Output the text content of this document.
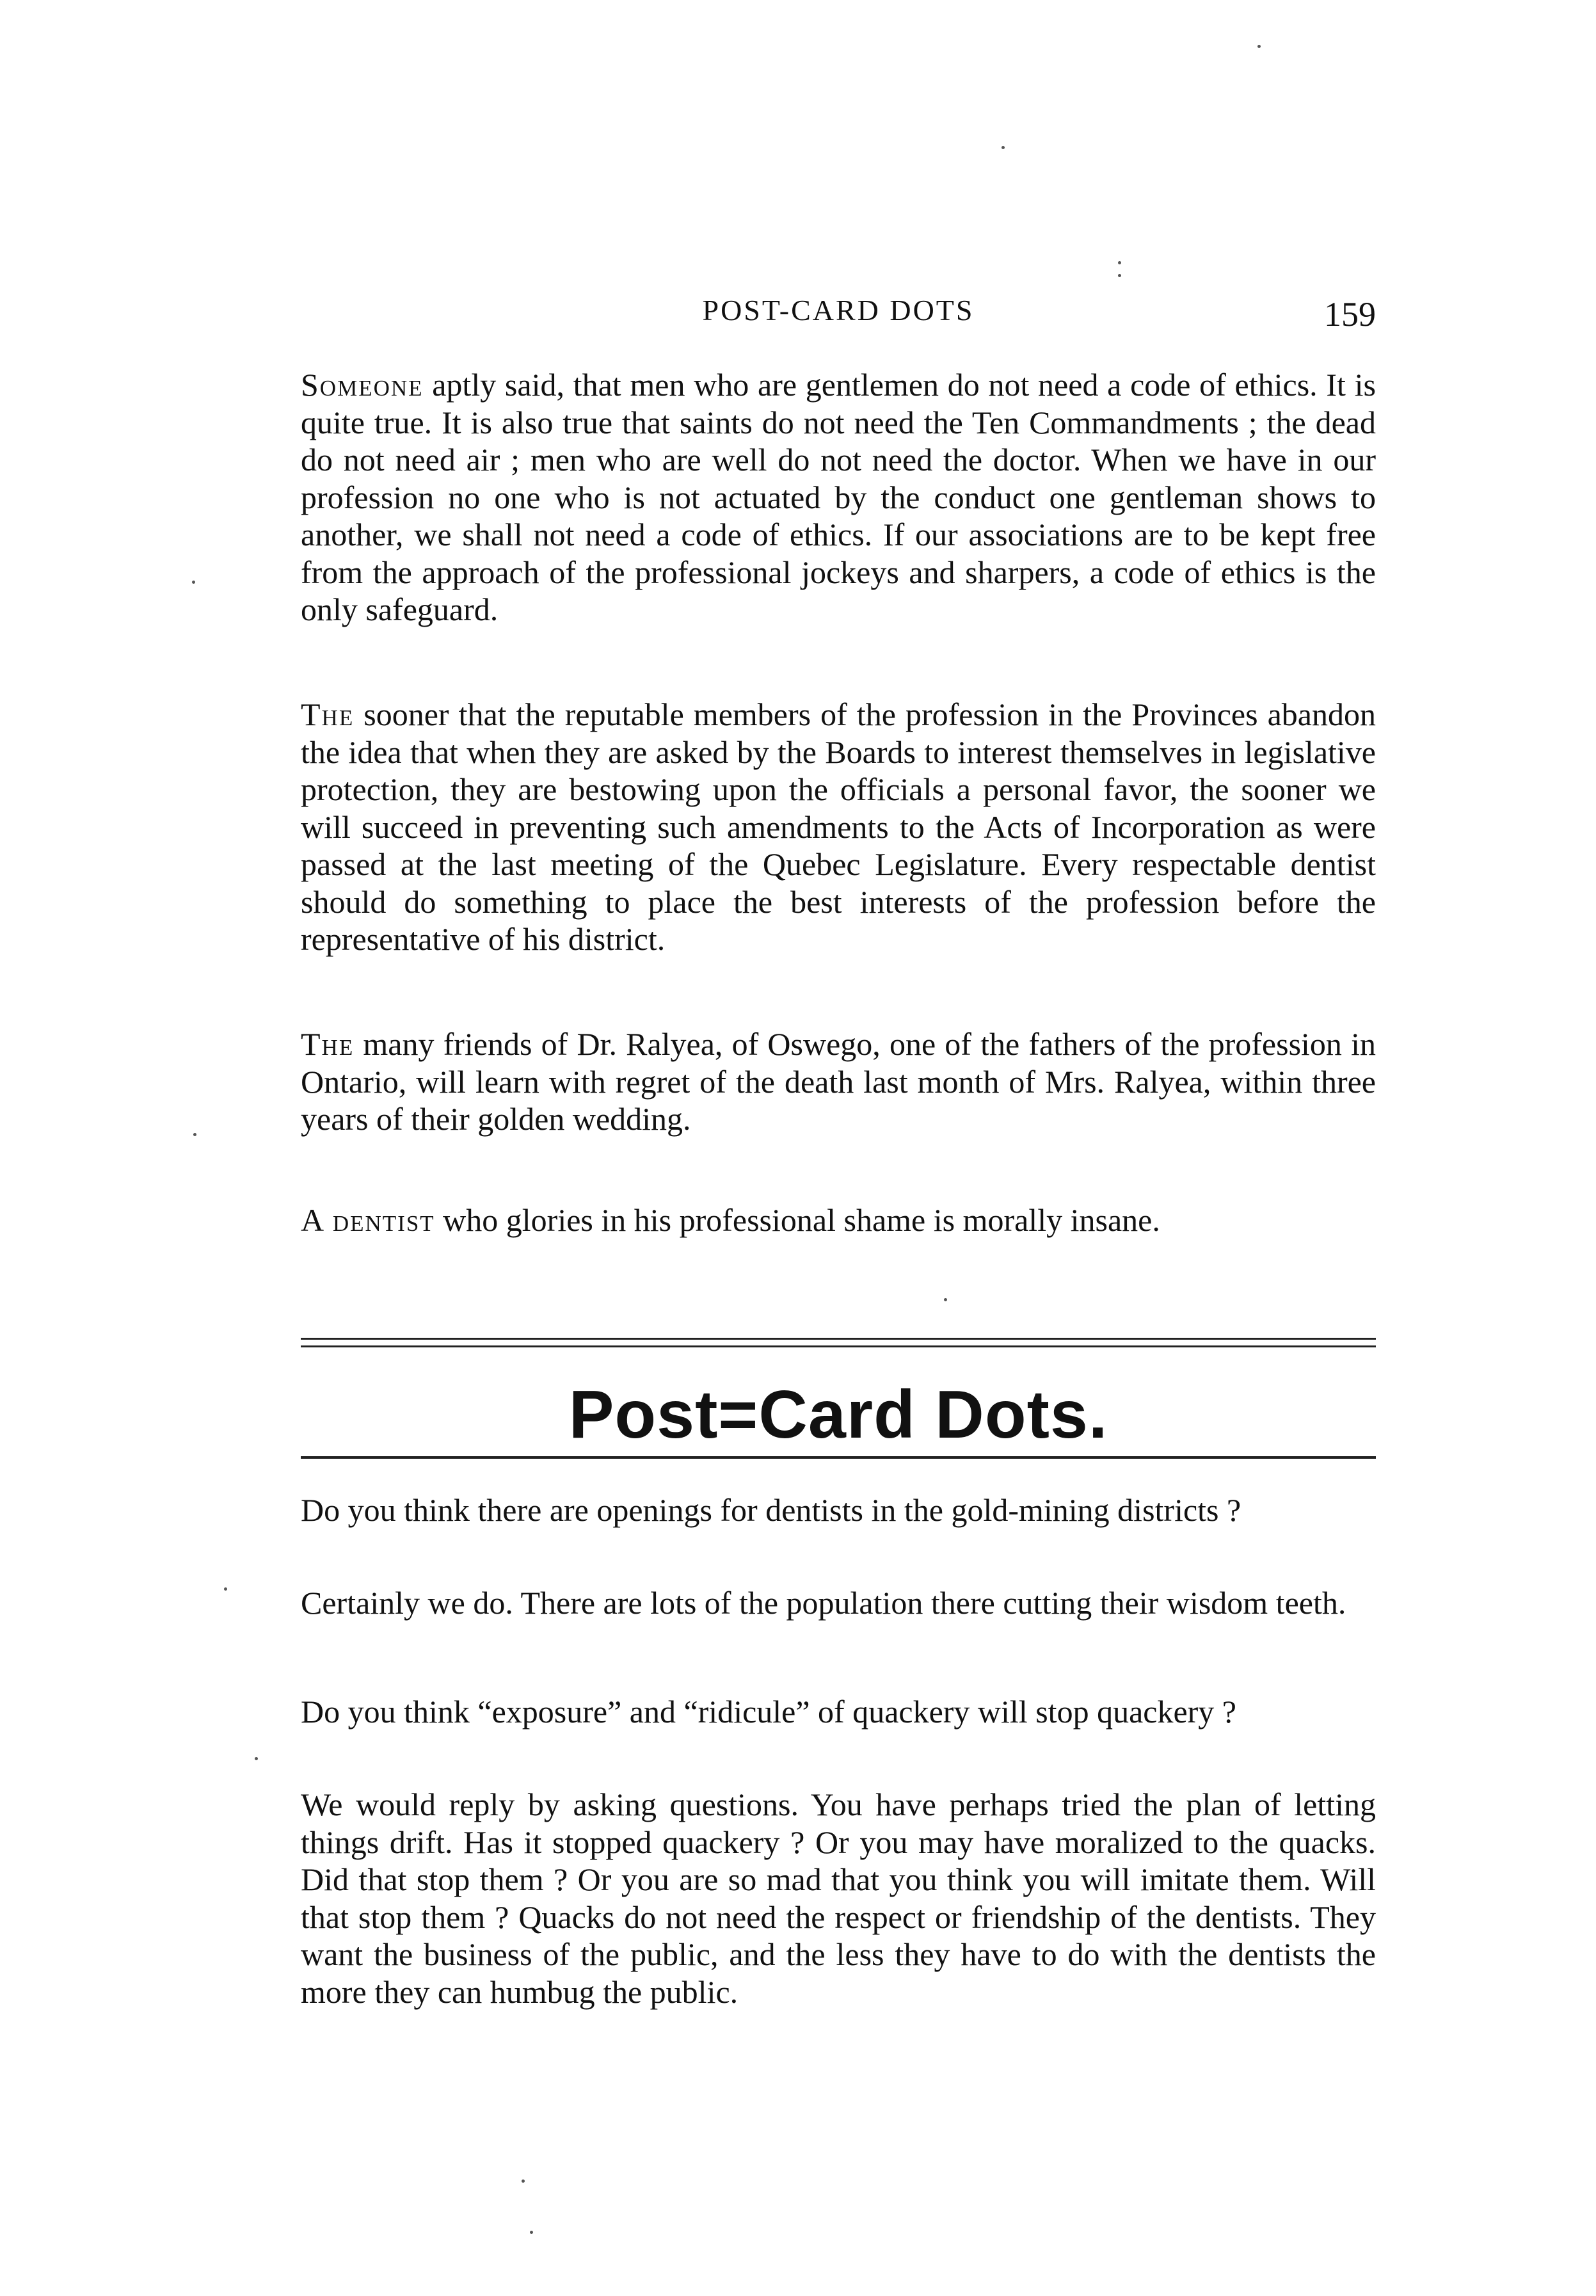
POST-CARD DOTS	159

Someone aptly said, that men who are gentlemen do not need a code of ethics. It is quite true. It is also true that saints do not need the Ten Commandments ; the dead do not need air ; men who are well do not need the doctor. When we have in our profession no one who is not actuated by the conduct one gentleman shows to another, we shall not need a code of ethics. If our associations are to be kept free from the approach of the professional jockeys and sharpers, a code of ethics is the only safeguard.

The sooner that the reputable members of the profession in the Provinces abandon the idea that when they are asked by the Boards to interest themselves in legislative protection, they are bestowing upon the officials a personal favor, the sooner we will succeed in preventing such amendments to the Acts of Incorporation as were passed at the last meeting of the Quebec Legislature. Every respectable dentist should do something to place the best interests of the profession before the representative of his district.

The many friends of Dr. Ralyea, of Oswego, one of the fathers of the profession in Ontario, will learn with regret of the death last month of Mrs. Ralyea, within three years of their golden wedding.

A dentist who glories in his professional shame is morally insane.

Post=Card Dots.

Do you think there are openings for dentists in the gold-mining districts ?

Certainly we do. There are lots of the population there cutting their wisdom teeth.

Do you think “exposure” and “ridicule” of quackery will stop quackery ?

We would reply by asking questions. You have perhaps tried the plan of letting things drift. Has it stopped quackery ? Or you may have moralized to the quacks. Did that stop them ? Or you are so mad that you think you will imitate them. Will that stop them ? Quacks do not need the respect or friendship of the dentists. They want the business of the public, and the less they have to do with the dentists the more they can humbug the public.
